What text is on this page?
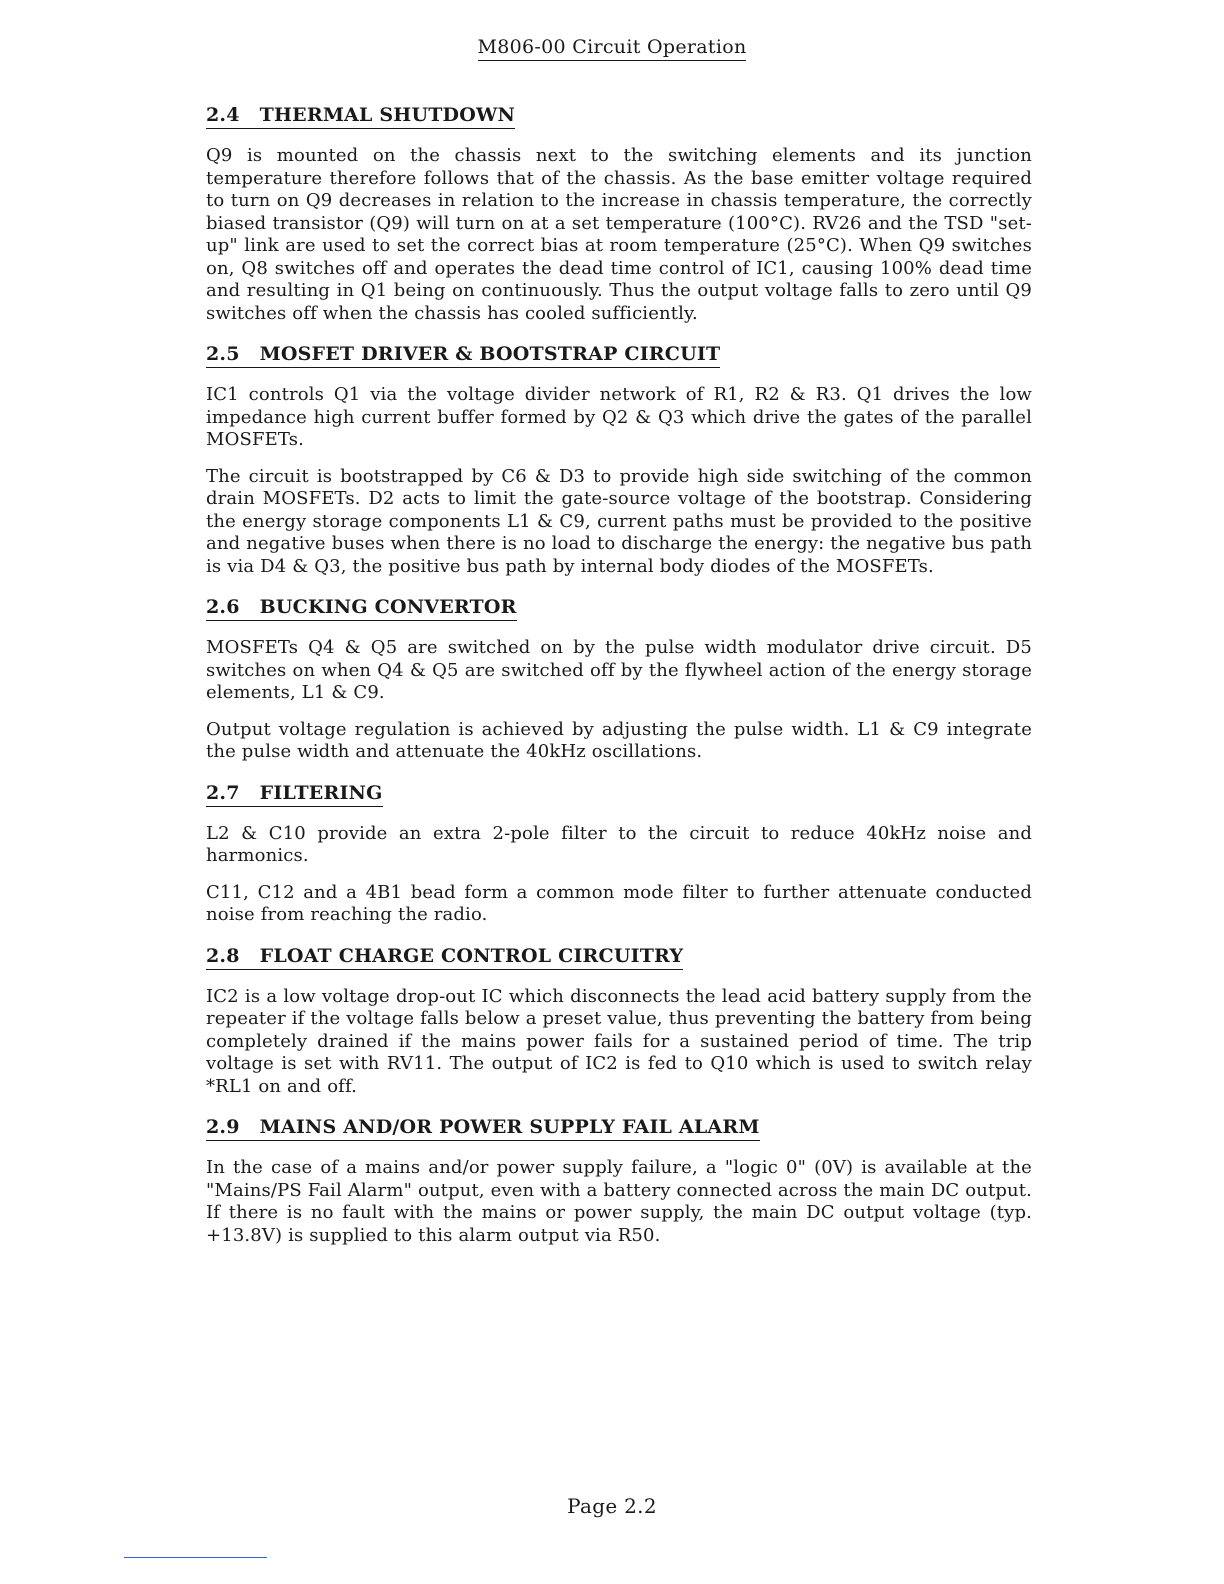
M806-00 Circuit Operation
2.4 THERMAL SHUTDOWN

Q9 is mounted on the chassis next to the switching elements and its junction temperature therefore follows that of the chassis. As the base emitter voltage required to turn on Q9 decreases in relation to the increase in chassis temperature, the correctly biased transistor (Q9) will turn on at a set temperature (100°C). RV26 and the TSD "set-up" link are used to set the correct bias at room temperature (25°C). When Q9 switches on, Q8 switches off and operates the dead time control of IC1, causing 100% dead time and resulting in Q1 being on continuously. Thus the output voltage falls to zero until Q9 switches off when the chassis has cooled sufficiently.

2.5 MOSFET DRIVER & BOOTSTRAP CIRCUIT

IC1 controls Q1 via the voltage divider network of R1, R2 & R3. Q1 drives the low impedance high current buffer formed by Q2 & Q3 which drive the gates of the parallel MOSFETs.

The circuit is bootstrapped by C6 & D3 to provide high side switching of the common drain MOSFETs. D2 acts to limit the gate-source voltage of the bootstrap. Considering the energy storage components L1 & C9, current paths must be provided to the positive and negative buses when there is no load to discharge the energy: the negative bus path is via D4 & Q3, the positive bus path by internal body diodes of the MOSFETs.

2.6 BUCKING CONVERTOR

MOSFETs Q4 & Q5 are switched on by the pulse width modulator drive circuit. D5 switches on when Q4 & Q5 are switched off by the flywheel action of the energy storage elements, L1 & C9.

Output voltage regulation is achieved by adjusting the pulse width. L1 & C9 integrate the pulse width and attenuate the 40kHz oscillations.

2.7 FILTERING

L2 & C10 provide an extra 2-pole filter to the circuit to reduce 40kHz noise and harmonics.

C11, C12 and a 4B1 bead form a common mode filter to further attenuate conducted noise from reaching the radio.

2.8 FLOAT CHARGE CONTROL CIRCUITRY

IC2 is a low voltage drop-out IC which disconnects the lead acid battery supply from the repeater if the voltage falls below a preset value, thus preventing the battery from being completely drained if the mains power fails for a sustained period of time. The trip voltage is set with RV11. The output of IC2 is fed to Q10 which is used to switch relay *RL1 on and off.

2.9 MAINS AND/OR POWER SUPPLY FAIL ALARM

In the case of a mains and/or power supply failure, a "logic 0" (0V) is available at the "Mains/PS Fail Alarm" output, even with a battery connected across the main DC output. If there is no fault with the mains or power supply, the main DC output voltage (typ. +13.8V) is supplied to this alarm output via R50.

Page 2.2
